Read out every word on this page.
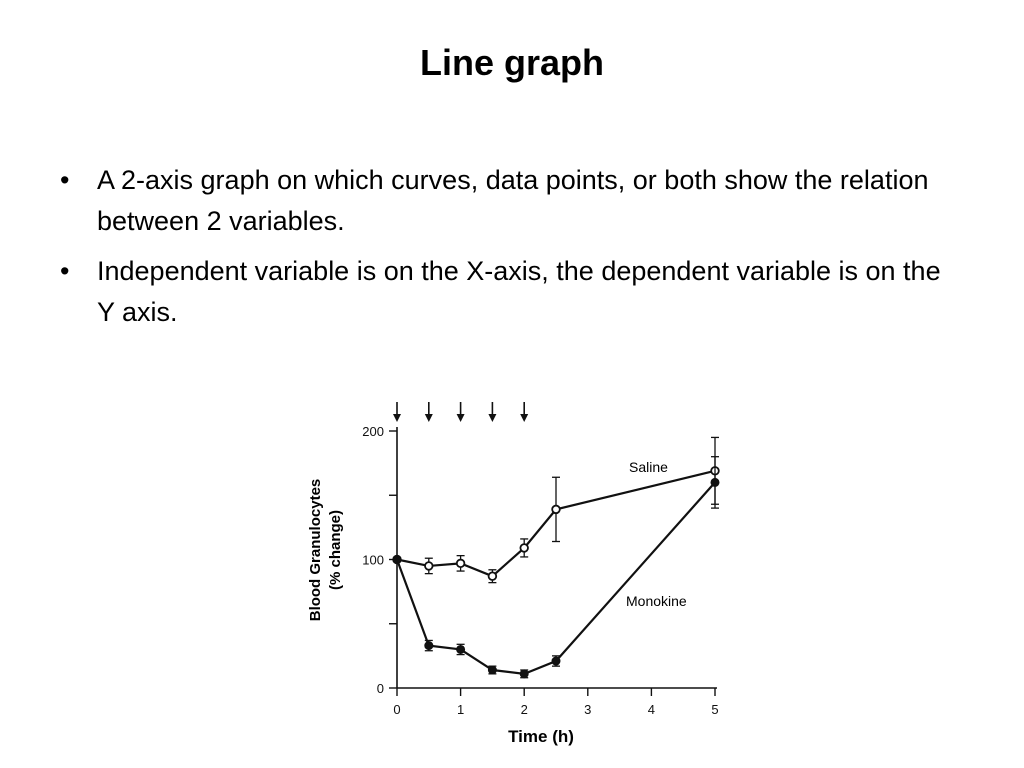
Line graph
• A 2-axis graph on which curves, data points, or both show the relation between 2 variables.
• Independent variable is on the X-axis, the dependent variable is on the Y axis.
0
100
200
0	1	2	3	4	5
Blood Granulocytes (% change)
Time (h)
Saline
Monokine
